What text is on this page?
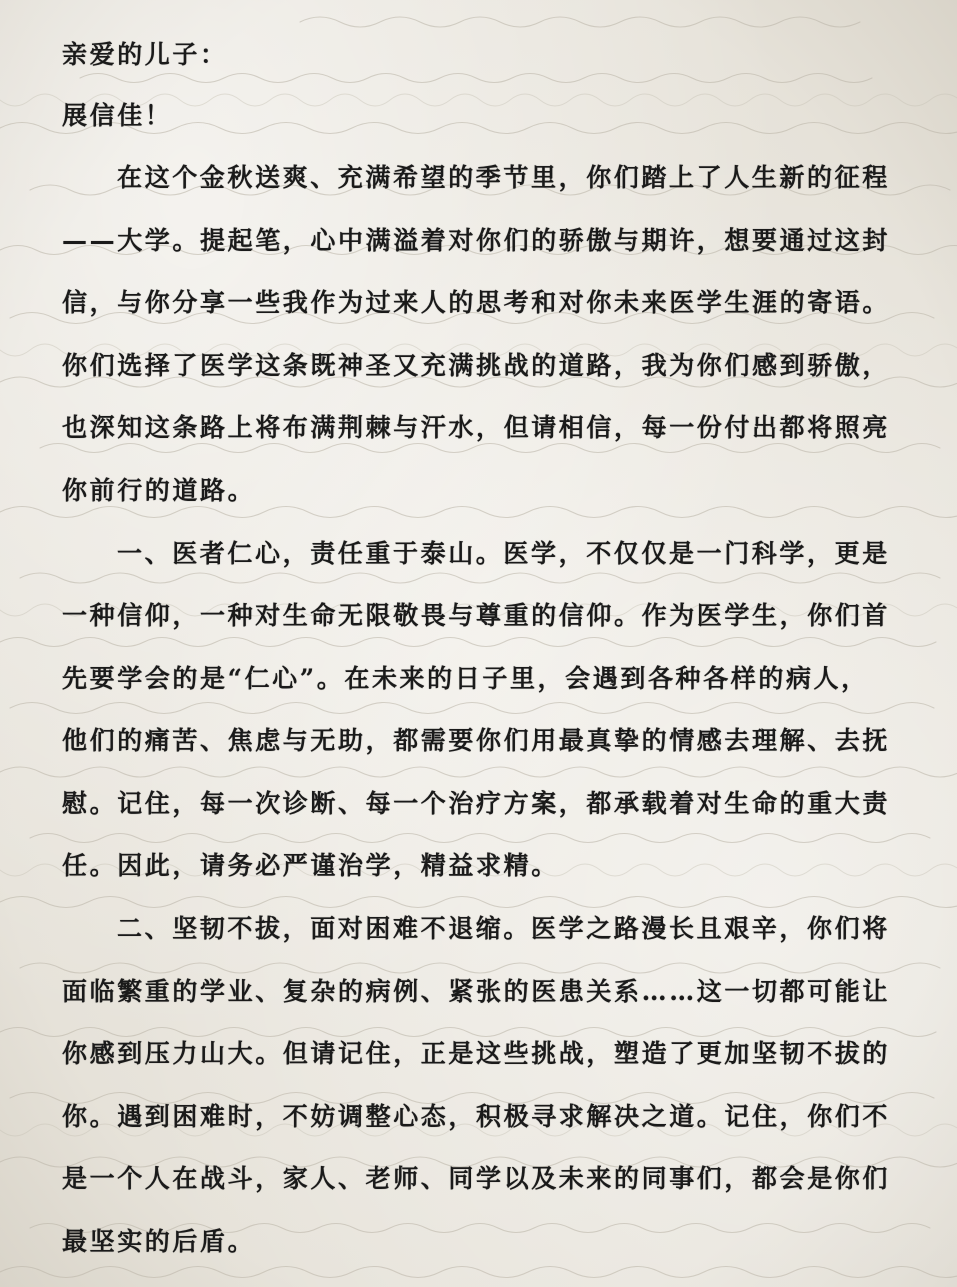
亲爱的儿子：
展信佳！
在这个金秋送爽、充满希望的季节里，你们踏上了人生新的征程
——大学。提起笔，心中满溢着对你们的骄傲与期许，想要通过这封
信，与你分享一些我作为过来人的思考和对你未来医学生涯的寄语。
你们选择了医学这条既神圣又充满挑战的道路，我为你们感到骄傲，
也深知这条路上将布满荆棘与汗水，但请相信，每一份付出都将照亮
你前行的道路。
一、医者仁心，责任重于泰山。医学，不仅仅是一门科学，更是
一种信仰，一种对生命无限敬畏与尊重的信仰。作为医学生，你们首
先要学会的是“仁心”。在未来的日子里，会遇到各种各样的病人，
他们的痛苦、焦虑与无助，都需要你们用最真挚的情感去理解、去抚
慰。记住，每一次诊断、每一个治疗方案，都承载着对生命的重大责
任。因此，请务必严谨治学，精益求精。
二、坚韧不拔，面对困难不退缩。医学之路漫长且艰辛，你们将
面临繁重的学业、复杂的病例、紧张的医患关系……这一切都可能让
你感到压力山大。但请记住，正是这些挑战，塑造了更加坚韧不拔的
你。遇到困难时，不妨调整心态，积极寻求解决之道。记住，你们不
是一个人在战斗，家人、老师、同学以及未来的同事们，都会是你们
最坚实的后盾。
